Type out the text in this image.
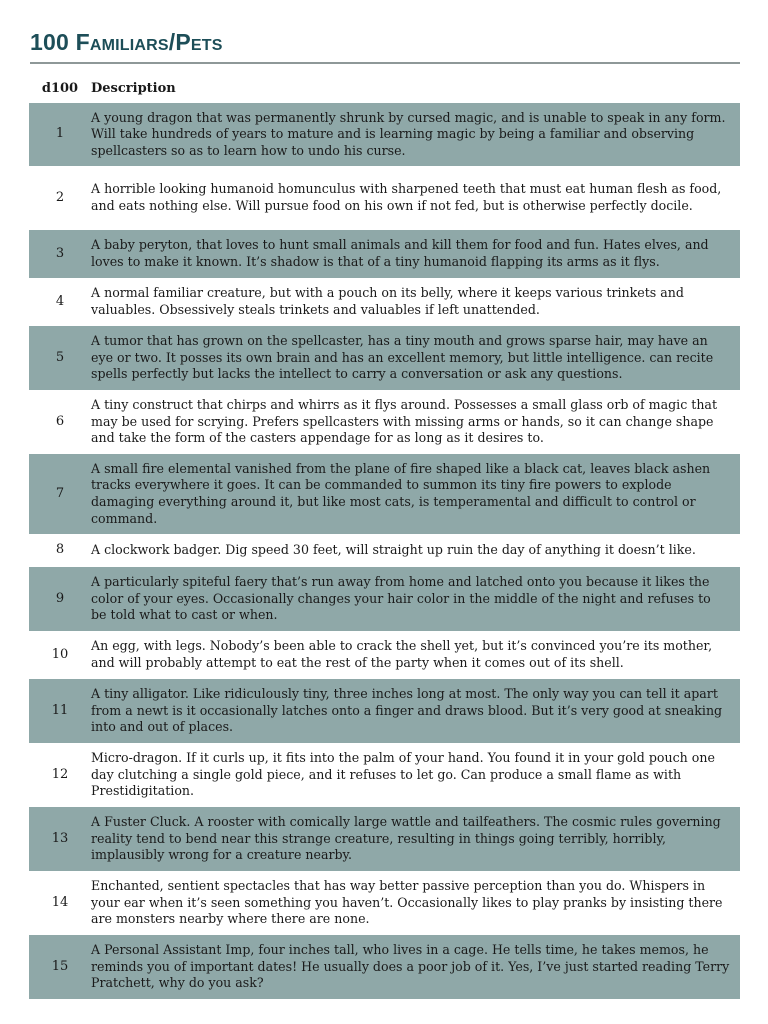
100 Familiars/Pets
d100 Description
1
A young dragon that was permanently shrunk by cursed magic, and is unable to speak in any form. Will take hundreds of years to mature and is learning magic by being a familiar and observing spellcasters so as to learn how to undo his curse.
2
A horrible looking humanoid homunculus with sharpened teeth that must eat human flesh as food, and eats nothing else. Will pursue food on his own if not fed, but is otherwise perfectly docile.
3
A baby peryton, that loves to hunt small animals and kill them for food and fun. Hates elves, and loves to make it known. It’s shadow is that of a tiny humanoid flapping its arms as it flys.
4
A normal familiar creature, but with a pouch on its belly, where it keeps various trinkets and valuables. Obsessively steals trinkets and valuables if left unattended.
5
A tumor that has grown on the spellcaster, has a tiny mouth and grows sparse hair, may have an eye or two. It posses its own brain and has an excellent memory, but little intelligence. can recite spells perfectly but lacks the intellect to carry a conversation or ask any questions.
6
A tiny construct that chirps and whirrs as it flys around. Possesses a small glass orb of magic that may be used for scrying. Prefers spellcasters with missing arms or hands, so it can change shape and take the form of the casters appendage for as long as it desires to.
7
A small fire elemental vanished from the plane of fire shaped like a black cat, leaves black ashen tracks everywhere it goes. It can be commanded to summon its tiny fire powers to explode damaging everything around it, but like most cats, is temperamental and difficult to control or command.
8	A clockwork badger. Dig speed 30 feet, will straight up ruin the day of anything it doesn’t like.
9
A particularly spiteful faery that’s run away from home and latched onto you because it likes the color of your eyes. Occasionally changes your hair color in the middle of the night and refuses to be told what to cast or when.
10
An egg, with legs. Nobody’s been able to crack the shell yet, but it’s convinced you’re its mother, and will probably attempt to eat the rest of the party when it comes out of its shell.
11
A tiny alligator. Like ridiculously tiny, three inches long at most. The only way you can tell it apart from a newt is it occasionally latches onto a finger and draws blood. But it’s very good at sneaking into and out of places.
12
Micro-dragon. If it curls up, it fits into the palm of your hand. You found it in your gold pouch one day clutching a single gold piece, and it refuses to let go. Can produce a small flame as with Prestidigitation.
13
A Fuster Cluck. A rooster with comically large wattle and tailfeathers. The cosmic rules governing reality tend to bend near this strange creature, resulting in things going terribly, horribly, implausibly wrong for a creature nearby.
14
Enchanted, sentient spectacles that has way better passive perception than you do. Whispers in your ear when it’s seen something you haven’t. Occasionally likes to play pranks by insisting there are monsters nearby where there are none.
15
A Personal Assistant Imp, four inches tall, who lives in a cage. He tells time, he takes memos, he reminds you of important dates! He usually does a poor job of it. Yes, I’ve just started reading Terry Pratchett, why do you ask?
